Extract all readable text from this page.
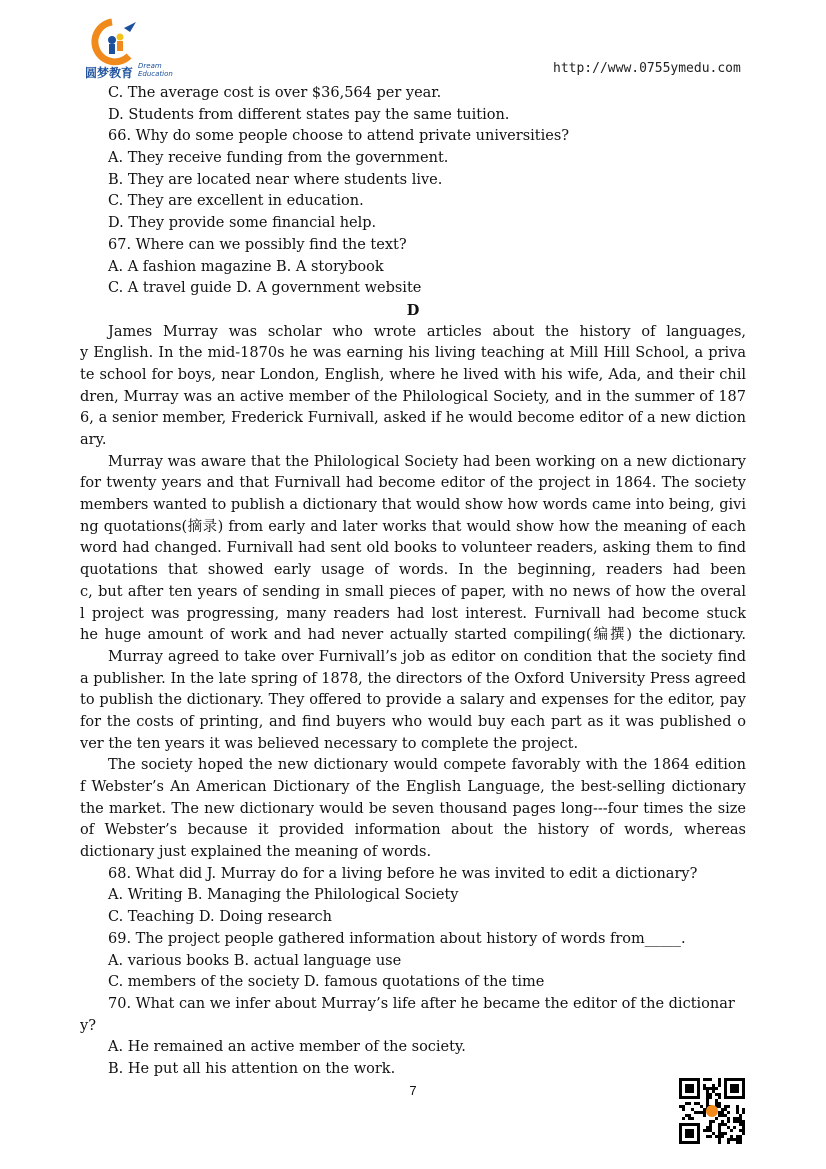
圆梦教育 Dream
Education	http://www.0755ymedu.com
C. The average cost is over $36,564 per year.
D. Students from different states pay the same tuition.
66. Why do some people choose to attend private universities?
A. They receive funding from the government.
B. They are located near where students live.
C. They are excellent in education.
D. They provide some financial help.
67. Where can we possibly find the text?
A. A fashion magazine B. A storybook
C. A travel guide D. A government website
D
James Murray was scholar who wrote articles about the history of languages,
y English. In the mid-1870s he was earning his living teaching at Mill Hill School, a priva
te school for boys, near London, English, where he lived with his wife, Ada, and their chil
dren, Murray was an active member of the Philological Society, and in the summer of 187
6, a senior member, Frederick Furnivall, asked if he would become editor of a new diction
ary.
Murray was aware that the Philological Society had been working on a new dictionary
for twenty years and that Furnivall had become editor of the project in 1864. The society
members wanted to publish a dictionary that would show how words came into being, givi
ng quotations(摘录) from early and later works that would show how the meaning of each
word had changed. Furnivall had sent old books to volunteer readers, asking them to find
quotations that showed early usage of words. In the beginning, readers had been
c, but after ten years of sending in small pieces of paper, with no news of how the overal
l project was progressing, many readers had lost interest. Furnivall had become stuck
he huge amount of work and had never actually started compiling(编撰) the dictionary.
Murray agreed to take over Furnivall’s job as editor on condition that the society find
a publisher. In the late spring of 1878, the directors of the Oxford University Press agreed
to publish the dictionary. They offered to provide a salary and expenses for the editor, pay
for the costs of printing, and find buyers who would buy each part as it was published o
ver the ten years it was believed necessary to complete the project.
The society hoped the new dictionary would compete favorably with the 1864 edition
f Webster’s An American Dictionary of the English Language, the best-selling dictionary
the market. The new dictionary would be seven thousand pages long---four times the size
of Webster’s because it provided information about the history of words, whereas
dictionary just explained the meaning of words.
68. What did J. Murray do for a living before he was invited to edit a dictionary?
A. Writing B. Managing the Philological Society
C. Teaching D. Doing research
69. The project people gathered information about history of words from_____.
A. various books B. actual language use
C. members of the society D. famous quotations of the time
70. What can we infer about Murray’s life after he became the editor of the dictionar
y?
A. He remained an active member of the society.
B. He put all his attention on the work.
7
